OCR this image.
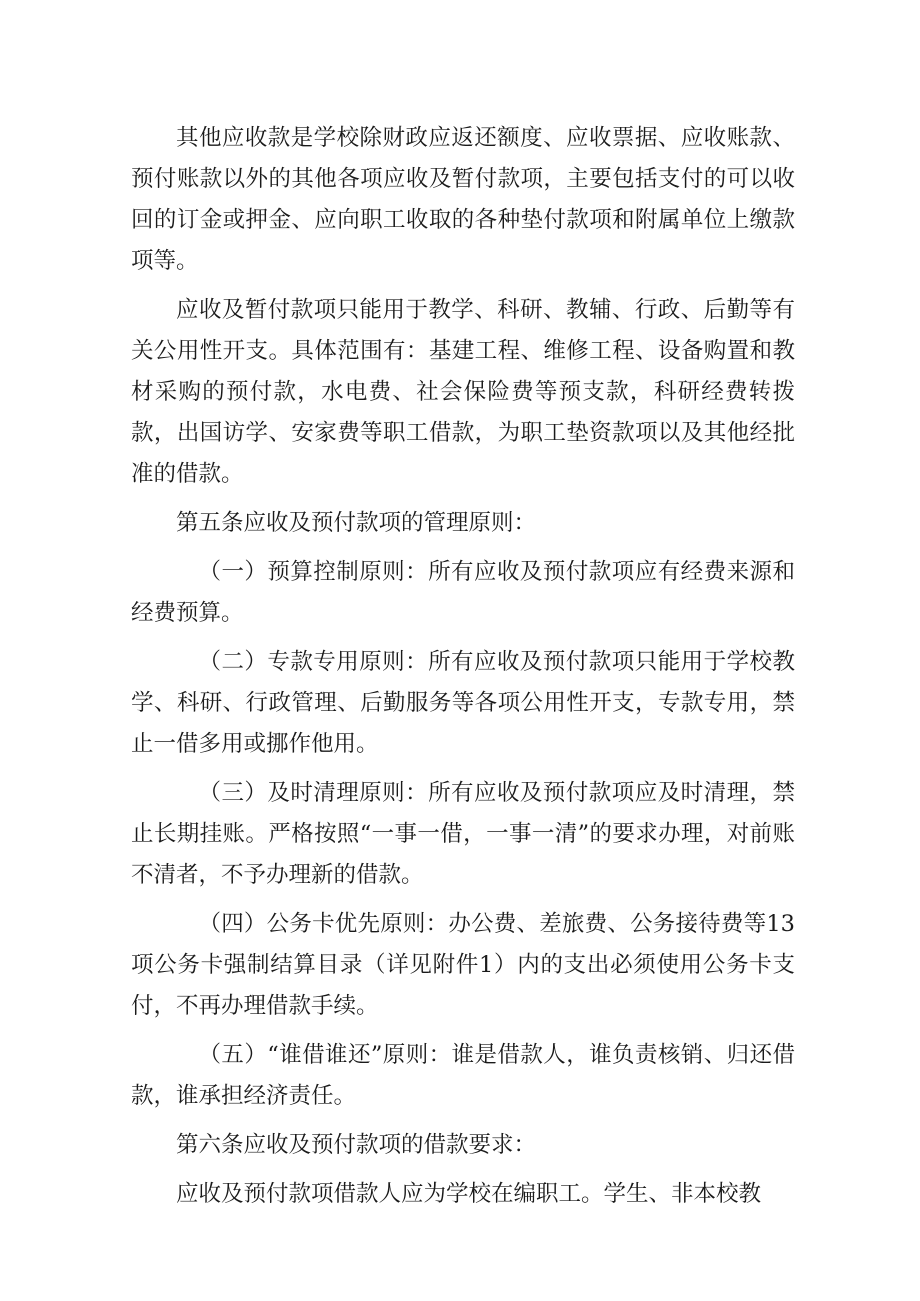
其他应收款是学校除财政应返还额度、应收票据、应收账款、预付账款以外的其他各项应收及暂付款项，主要包括支付的可以收回的订金或押金、应向职工收取的各种垫付款项和附属单位上缴款项等。

应收及暂付款项只能用于教学、科研、教辅、行政、后勤等有关公用性开支。具体范围有：基建工程、维修工程、设备购置和教材采购的预付款，水电费、社会保险费等预支款，科研经费转拨款，出国访学、安家费等职工借款，为职工垫资款项以及其他经批准的借款。

第五条应收及预付款项的管理原则：

（一）预算控制原则：所有应收及预付款项应有经费来源和经费预算。

（二）专款专用原则：所有应收及预付款项只能用于学校教学、科研、行政管理、后勤服务等各项公用性开支，专款专用，禁止一借多用或挪作他用。

（三）及时清理原则：所有应收及预付款项应及时清理，禁止长期挂账。严格按照“一事一借，一事一清”的要求办理，对前账不清者，不予办理新的借款。

（四）公务卡优先原则：办公费、差旅费、公务接待费等13项公务卡强制结算目录（详见附件1）内的支出必须使用公务卡支付，不再办理借款手续。

（五）“谁借谁还”原则：谁是借款人，谁负责核销、归还借款，谁承担经济责任。

第六条应收及预付款项的借款要求：

应收及预付款项借款人应为学校在编职工。学生、非本校教
